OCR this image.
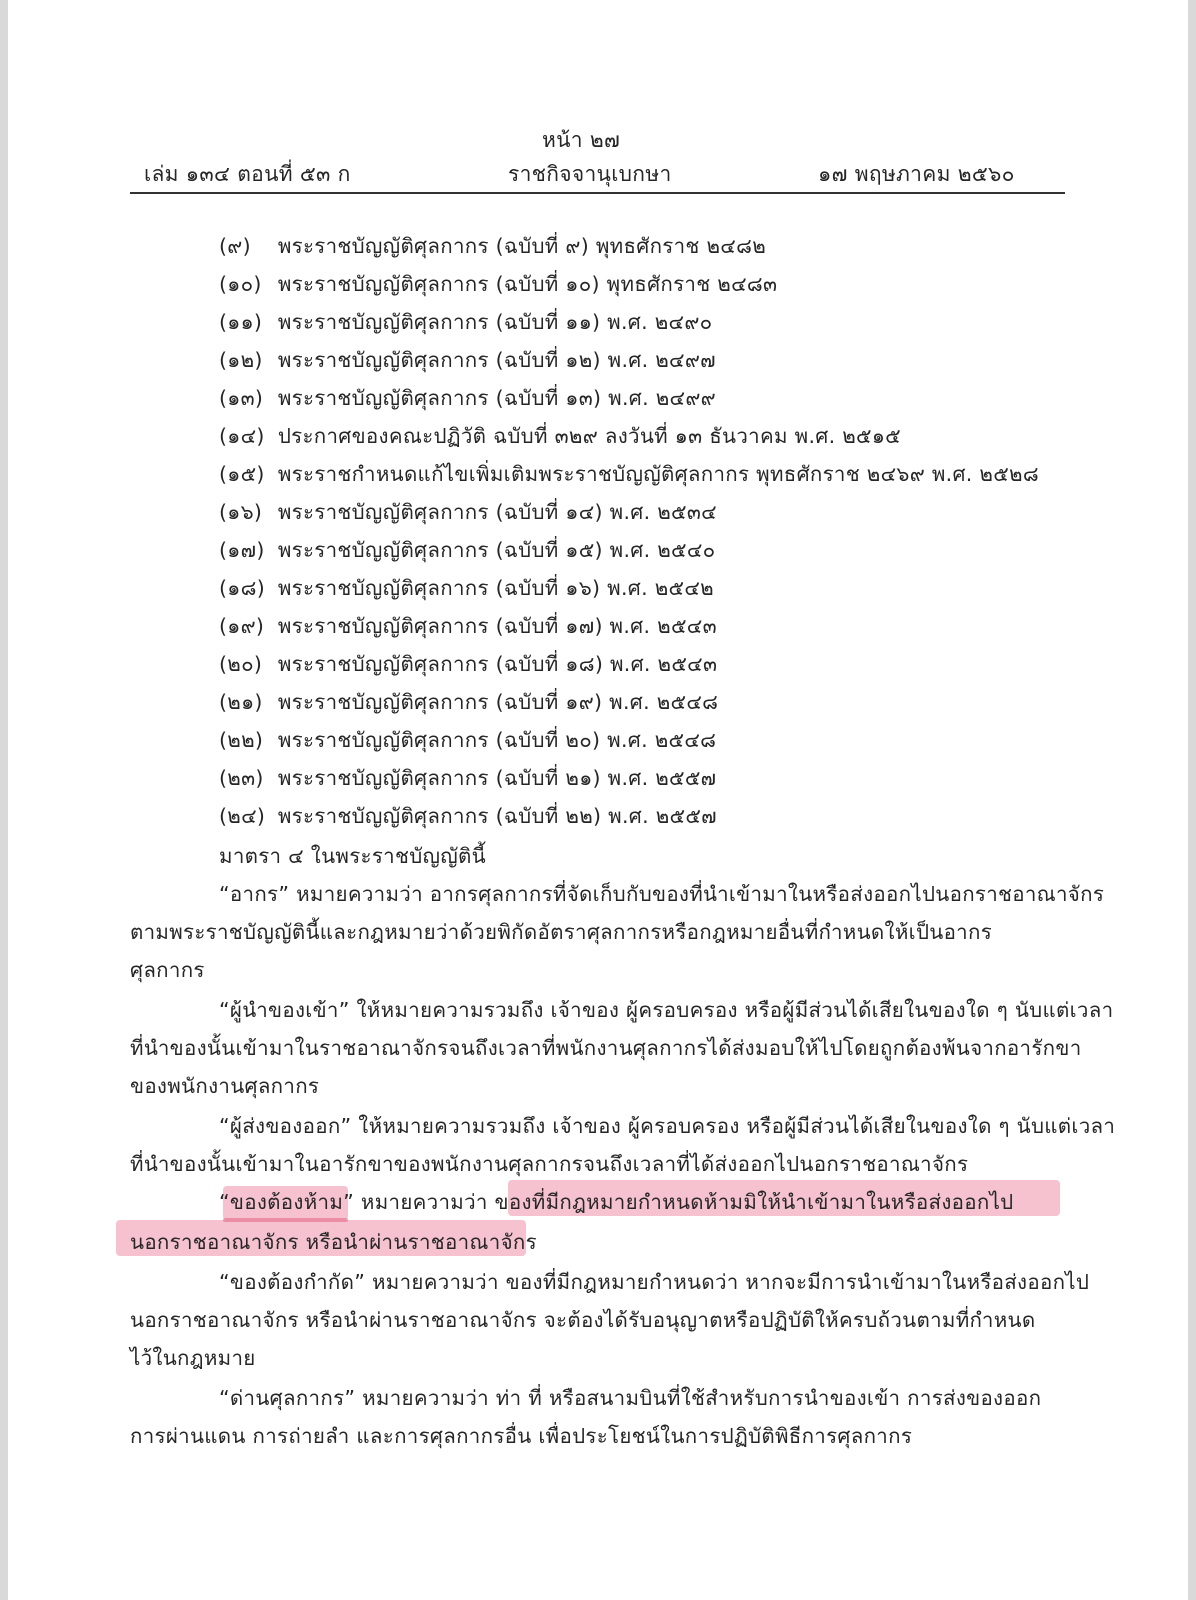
หน้า ๒๗
เล่ม ๑๓๔ ตอนที่ ๕๓ ก	ราชกิจจานุเบกษา	๑๗ พฤษภาคม ๒๕๖๐
(๙) พระราชบัญญัติศุลกากร (ฉบับที่ ๙) พุทธศักราช ๒๔๘๒
(๑๐) พระราชบัญญัติศุลกากร (ฉบับที่ ๑๐) พุทธศักราช ๒๔๘๓
(๑๑) พระราชบัญญัติศุลกากร (ฉบับที่ ๑๑) พ.ศ. ๒๔๙๐
(๑๒) พระราชบัญญัติศุลกากร (ฉบับที่ ๑๒) พ.ศ. ๒๔๙๗
(๑๓) พระราชบัญญัติศุลกากร (ฉบับที่ ๑๓) พ.ศ. ๒๔๙๙
(๑๔) ประกาศของคณะปฏิวัติ ฉบับที่ ๓๒๙ ลงวันที่ ๑๓ ธันวาคม พ.ศ. ๒๕๑๕
(๑๕) พระราชกำหนดแก้ไขเพิ่มเติมพระราชบัญญัติศุลกากร พุทธศักราช ๒๔๖๙ พ.ศ. ๒๕๒๘
(๑๖) พระราชบัญญัติศุลกากร (ฉบับที่ ๑๔) พ.ศ. ๒๕๓๔
(๑๗) พระราชบัญญัติศุลกากร (ฉบับที่ ๑๕) พ.ศ. ๒๕๔๐
(๑๘) พระราชบัญญัติศุลกากร (ฉบับที่ ๑๖) พ.ศ. ๒๕๔๒
(๑๙) พระราชบัญญัติศุลกากร (ฉบับที่ ๑๗) พ.ศ. ๒๕๔๓
(๒๐) พระราชบัญญัติศุลกากร (ฉบับที่ ๑๘) พ.ศ. ๒๕๔๓
(๒๑) พระราชบัญญัติศุลกากร (ฉบับที่ ๑๙) พ.ศ. ๒๕๔๘
(๒๒) พระราชบัญญัติศุลกากร (ฉบับที่ ๒๐) พ.ศ. ๒๕๔๘
(๒๓) พระราชบัญญัติศุลกากร (ฉบับที่ ๒๑) พ.ศ. ๒๕๕๗
(๒๔) พระราชบัญญัติศุลกากร (ฉบับที่ ๒๒) พ.ศ. ๒๕๕๗
มาตรา ๔ ในพระราชบัญญัตินี้
“อากร” หมายความว่า อากรศุลกากรที่จัดเก็บกับของที่นำเข้ามาในหรือส่งออกไปนอกราชอาณาจักร
ตามพระราชบัญญัตินี้และกฎหมายว่าด้วยพิกัดอัตราศุลกากรหรือกฎหมายอื่นที่กำหนดให้เป็นอากร
ศุลกากร
“ผู้นำของเข้า” ให้หมายความรวมถึง เจ้าของ ผู้ครอบครอง หรือผู้มีส่วนได้เสียในของใด ๆ นับแต่เวลา
ที่นำของนั้นเข้ามาในราชอาณาจักรจนถึงเวลาที่พนักงานศุลกากรได้ส่งมอบให้ไปโดยถูกต้องพ้นจากอารักขา
ของพนักงานศุลกากร
“ผู้ส่งของออก” ให้หมายความรวมถึง เจ้าของ ผู้ครอบครอง หรือผู้มีส่วนได้เสียในของใด ๆ นับแต่เวลา
ที่นำของนั้นเข้ามาในอารักขาของพนักงานศุลกากรจนถึงเวลาที่ได้ส่งออกไปนอกราชอาณาจักร
“ของต้องห้าม” หมายความว่า ของที่มีกฎหมายกำหนดห้ามมิให้นำเข้ามาในหรือส่งออกไป
นอกราชอาณาจักร หรือนำผ่านราชอาณาจักร
“ของต้องกำกัด” หมายความว่า ของที่มีกฎหมายกำหนดว่า หากจะมีการนำเข้ามาในหรือส่งออกไป
นอกราชอาณาจักร หรือนำผ่านราชอาณาจักร จะต้องได้รับอนุญาตหรือปฏิบัติให้ครบถ้วนตามที่กำหนด
ไว้ในกฎหมาย
“ด่านศุลกากร” หมายความว่า ท่า ที่ หรือสนามบินที่ใช้สำหรับการนำของเข้า การส่งของออก
การผ่านแดน การถ่ายลำ และการศุลกากรอื่น เพื่อประโยชน์ในการปฏิบัติพิธีการศุลกากร
